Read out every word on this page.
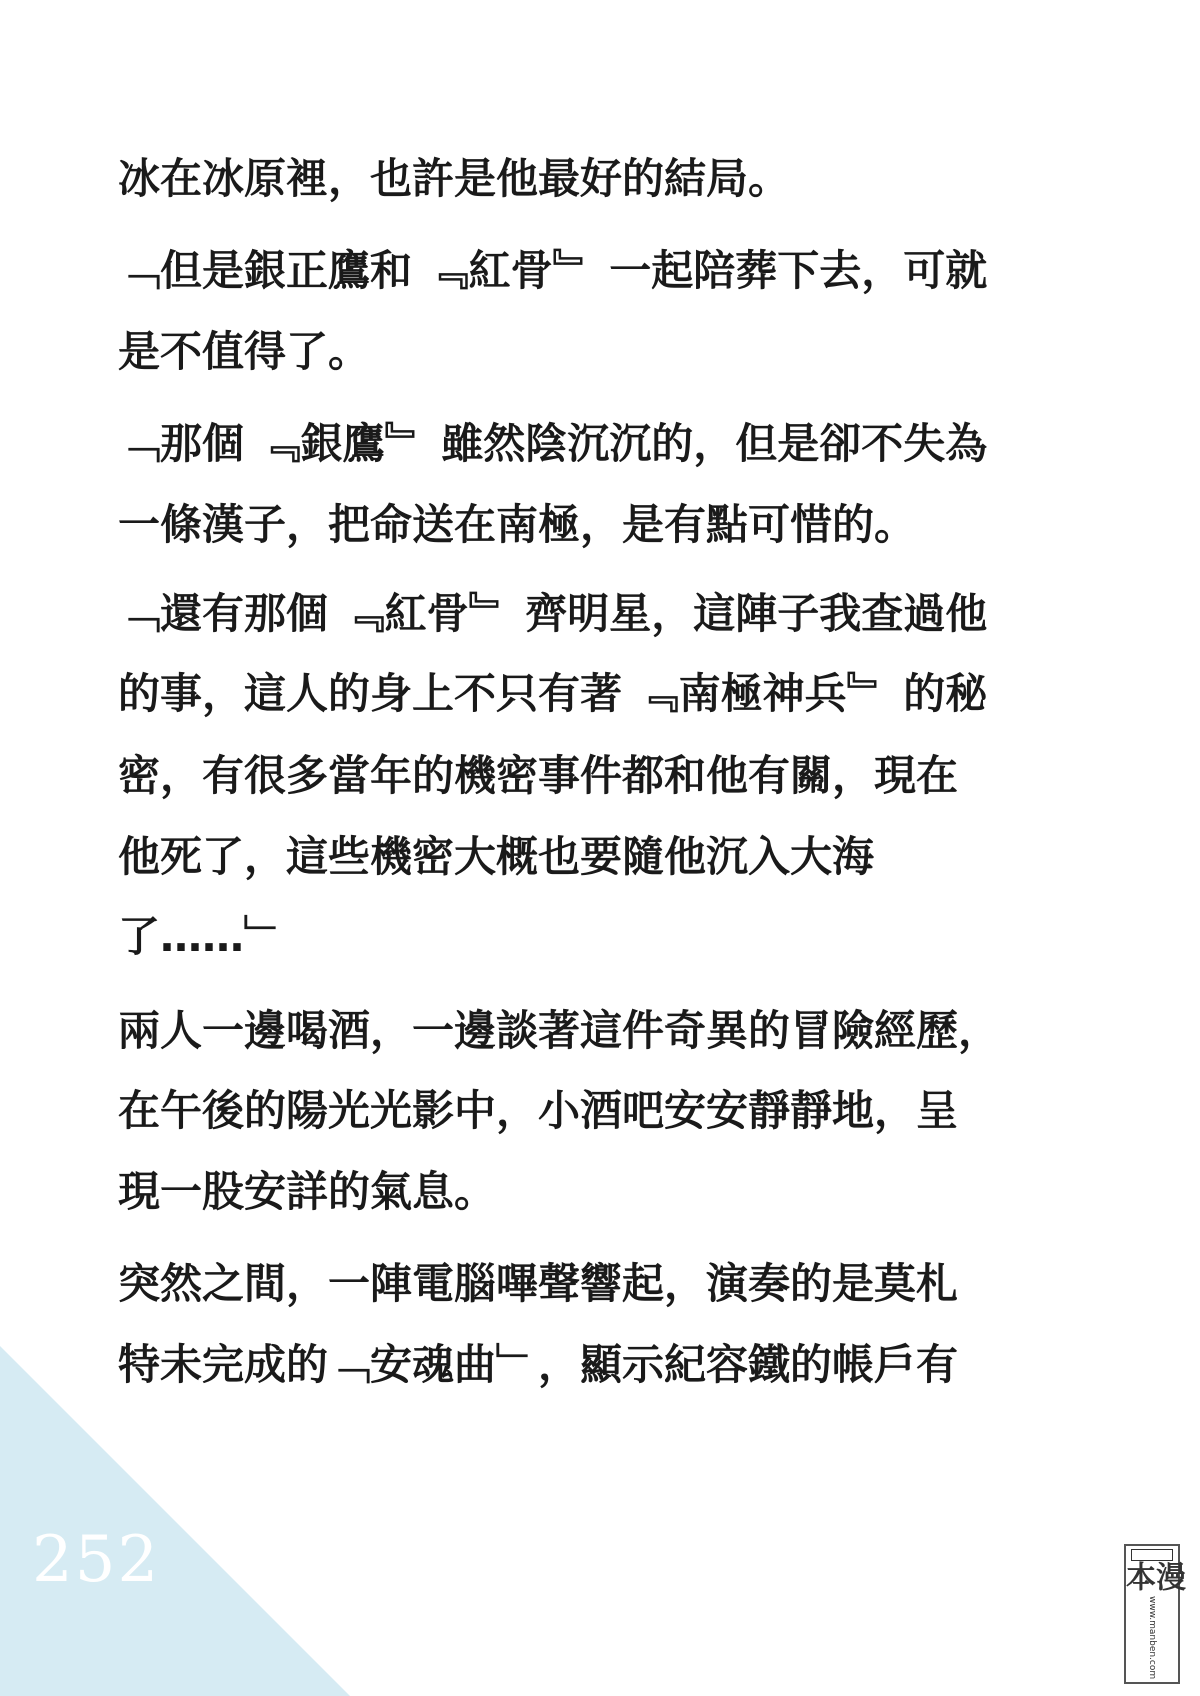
252
冰在冰原裡，也許是他最好的結局。
﹁但是銀正鷹和 ﹃紅骨﹄ 一起陪葬下去，可就
是不值得了。
﹁那個 ﹃銀鷹﹄ 雖然陰沉沉的，但是卻不失為
一條漢子，把命送在南極，是有點可惜的。
﹁還有那個 ﹃紅骨﹄ 齊明星，這陣子我查過他
的事，這人的身上不只有著 ﹃南極神兵﹄ 的秘
密，有很多當年的機密事件都和他有關，現在
他死了，這些機密大概也要隨他沉入大海
了……﹂
兩人一邊喝酒，一邊談著這件奇異的冒險經歷，
在午後的陽光光影中，小酒吧安安靜靜地，呈
現一股安詳的氣息。
突然之間，一陣電腦嗶聲響起，演奏的是莫札
特未完成的﹁安魂曲﹂，顯示紀容鐵的帳戶有
漫本
www.manben.com
